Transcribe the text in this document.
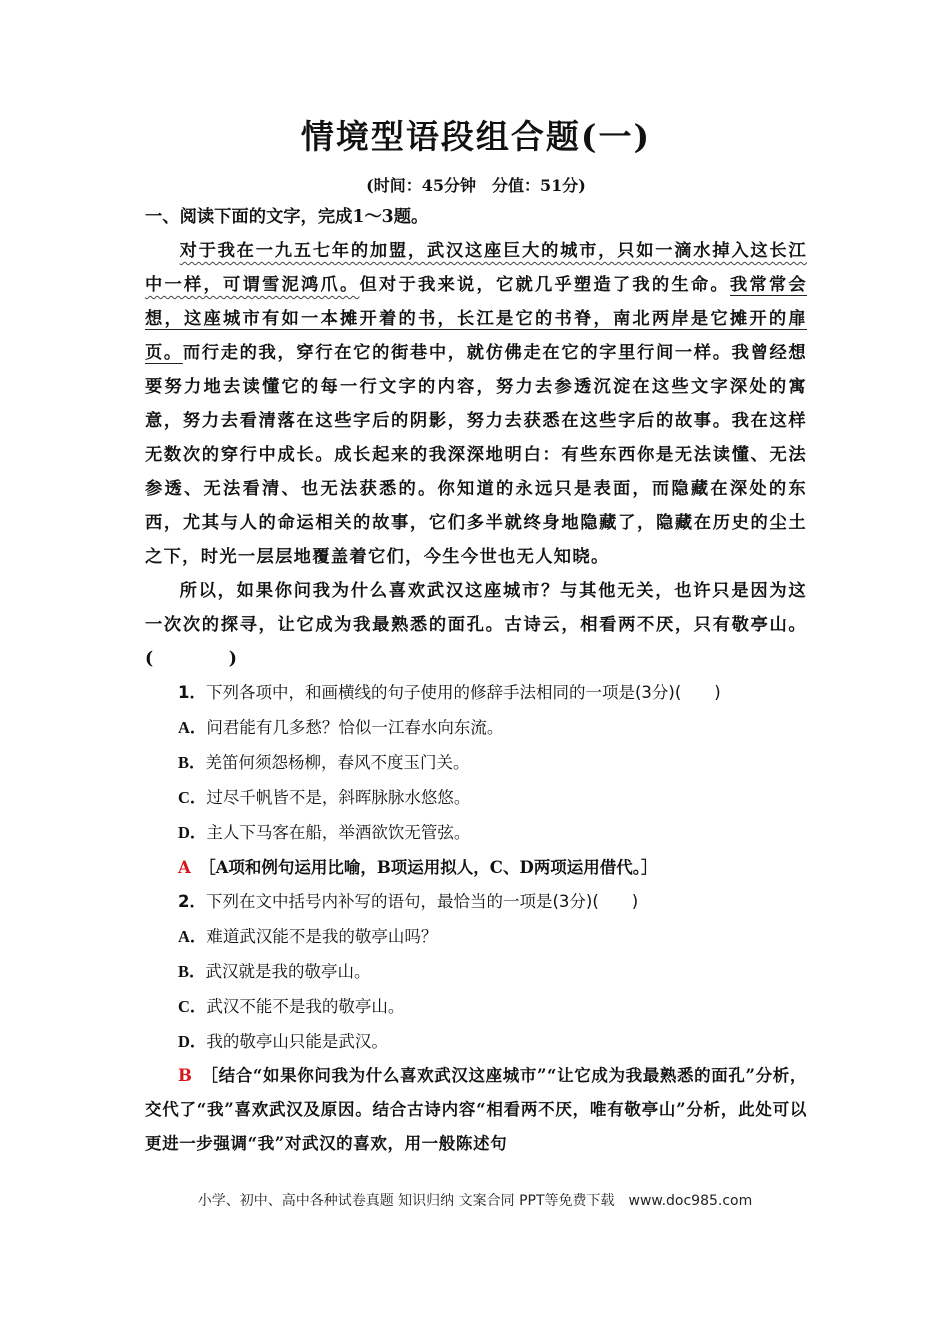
情境型语段组合题(一)
(时间：45分钟　分值：51分)
一、阅读下面的文字，完成1～3题。

对于我在一九五七年的加盟，武汉这座巨大的城市，只如一滴水掉入这长江中一样，可谓雪泥鸿爪。但对于我来说，它就几乎塑造了我的生命。我常常会想，这座城市有如一本摊开着的书，长江是它的书脊，南北两岸是它摊开的扉页。而行走的我，穿行在它的街巷中，就仿佛走在它的字里行间一样。我曾经想要努力地去读懂它的每一行文字的内容，努力去参透沉淀在这些文字深处的寓意，努力去看清落在这些字后的阴影，努力去获悉在这些字后的故事。我在这样无数次的穿行中成长。成长起来的我深深地明白：有些东西你是无法读懂、无法参透、无法看清、也无法获悉的。你知道的永远只是表面，而隐藏在深处的东西，尤其与人的命运相关的故事，它们多半就终身地隐藏了，隐藏在历史的尘土之下，时光一层层地覆盖着它们，今生今世也无人知晓。

所以，如果你问我为什么喜欢武汉这座城市？与其他无关，也许只是因为这一次次的探寻，让它成为我最熟悉的面孔。古诗云，相看两不厌，只有敬亭山。(　　　　)

1．下列各项中，和画横线的句子使用的修辞手法相同的一项是(3分)(　　)

A．问君能有几多愁？恰似一江春水向东流。

B．羌笛何须怨杨柳，春风不度玉门关。

C．过尽千帆皆不是，斜晖脉脉水悠悠。

D．主人下马客在船，举酒欲饮无管弦。

A　 ［A项和例句运用比喻，B项运用拟人，C、D两项运用借代。］

2．下列在文中括号内补写的语句，最恰当的一项是(3分)(　　)

A．难道武汉能不是我的敬亭山吗？

B．武汉就是我的敬亭山。

C．武汉不能不是我的敬亭山。

D．我的敬亭山只能是武汉。

B　 ［结合“如果你问我为什么喜欢武汉这座城市”“让它成为我最熟悉的面孔”分析，交代了“我”喜欢武汉及原因。结合古诗内容“相看两不厌，唯有敬亭山”分析，此处可以更进一步强调“我”对武汉的喜欢，用一般陈述句

小学、初中、高中各种试卷真题 知识归纳 文案合同 PPT等免费下载　www.doc985.com
